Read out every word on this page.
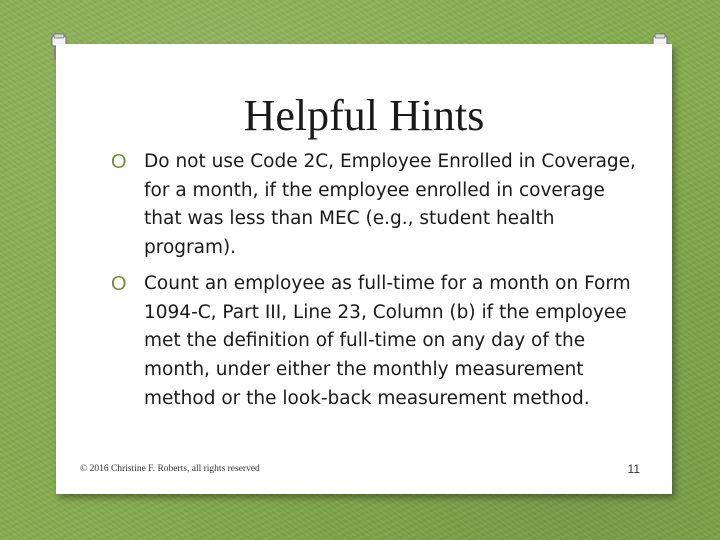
Helpful Hints
O Do not use Code 2C, Employee Enrolled in Coverage, for a month, if the employee enrolled in coverage that was less than MEC (e.g., student health program).
O Count an employee as full-time for a month on Form 1094-C, Part III, Line 23, Column (b) if the employee met the definition of full-time on any day of the month, under either the monthly measurement method or the look-back measurement method.
© 2016 Christine F. Roberts, all rights reserved	11
